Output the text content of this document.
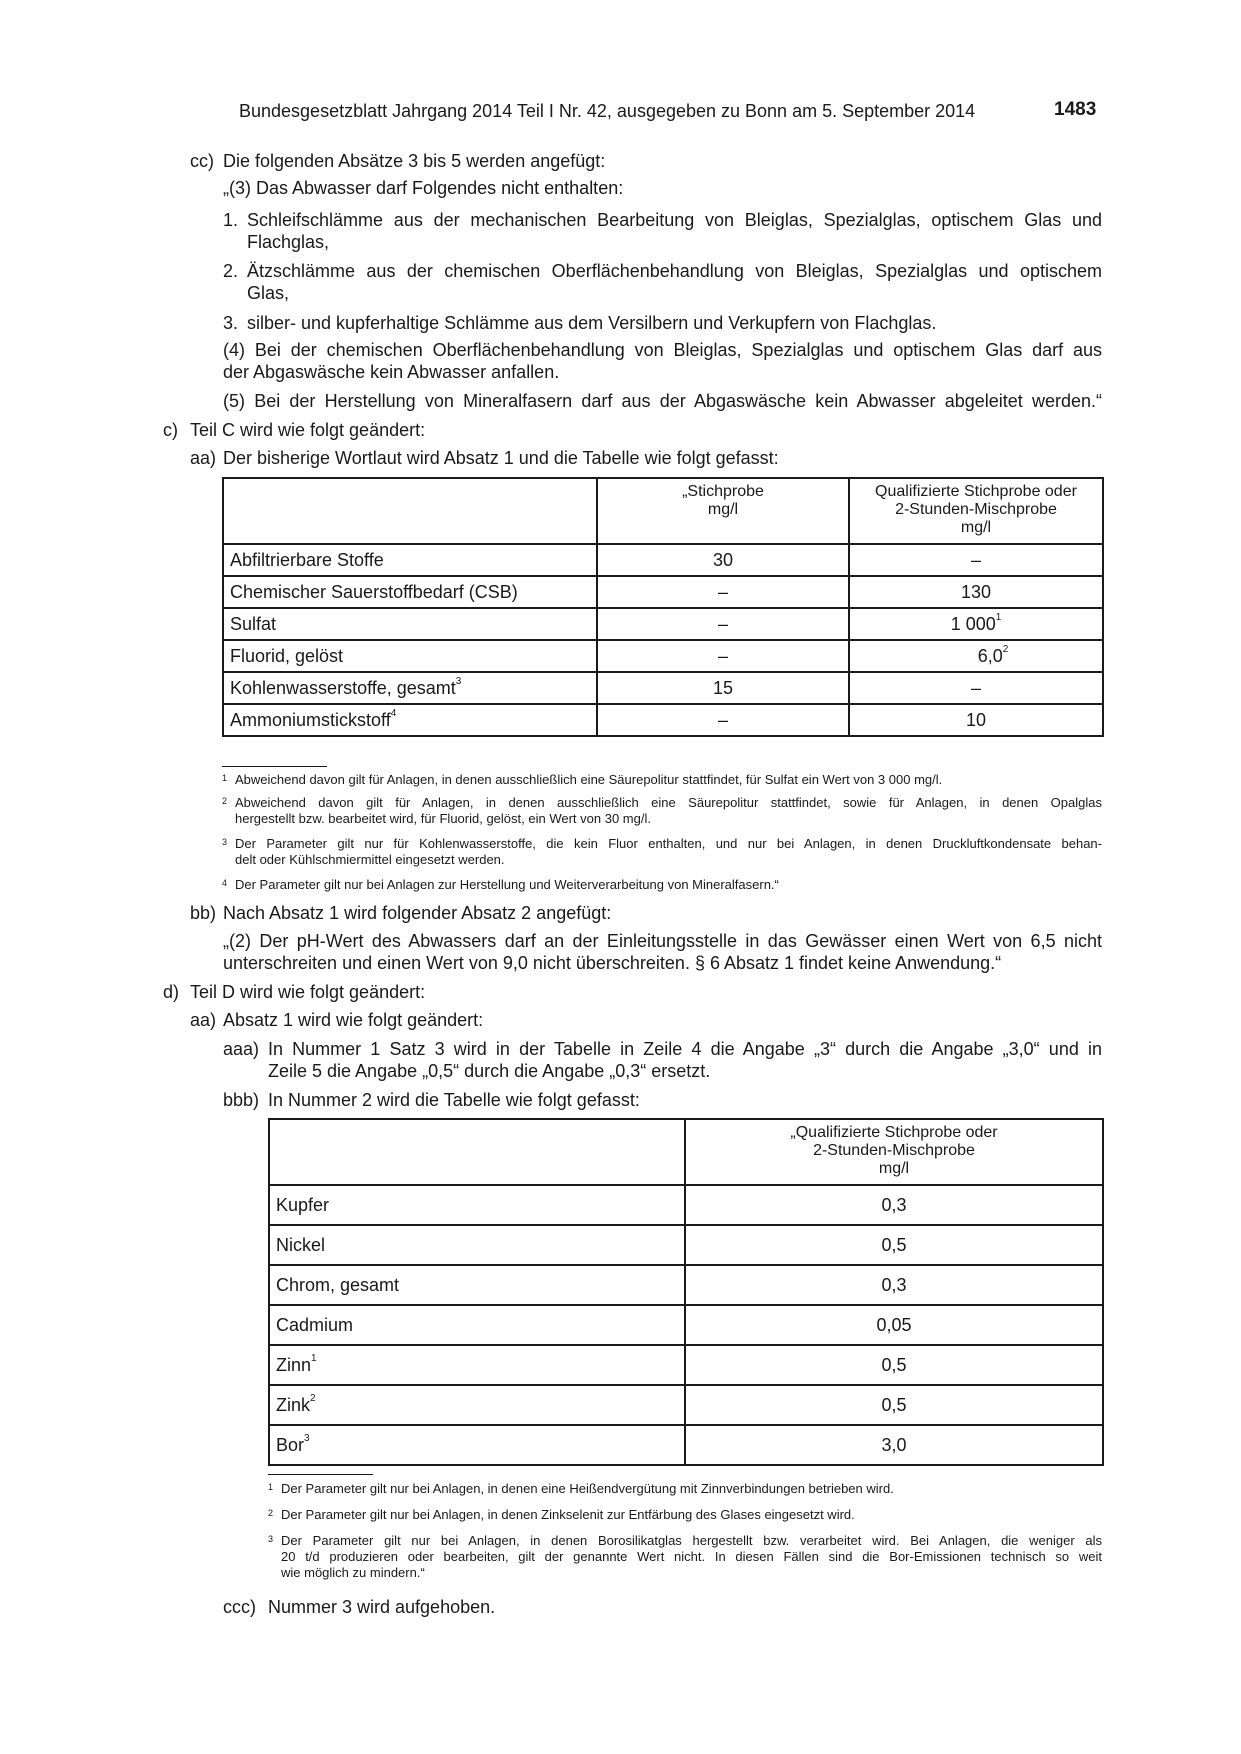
Bundesgesetzblatt Jahrgang 2014 Teil I Nr. 42, ausgegeben zu Bonn am 5. September 2014	1483
cc) Die folgenden Absätze 3 bis 5 werden angefügt:
„(3) Das Abwasser darf Folgendes nicht enthalten:
1. Schleifschlämme aus der mechanischen Bearbeitung von Bleiglas, Spezialglas, optischem Glas und
Flachglas,
2. Ätzschlämme aus der chemischen Oberflächenbehandlung von Bleiglas, Spezialglas und optischem
Glas,
3. silber- und kupferhaltige Schlämme aus dem Versilbern und Verkupfern von Flachglas.
(4) Bei der chemischen Oberflächenbehandlung von Bleiglas, Spezialglas und optischem Glas darf aus
der Abgaswäsche kein Abwasser anfallen.
(5) Bei der Herstellung von Mineralfasern darf aus der Abgaswäsche kein Abwasser abgeleitet werden.“
c) Teil C wird wie folgt geändert:
aa) Der bisherige Wortlaut wird Absatz 1 und die Tabelle wie folgt gefasst:
	„Stichprobe
mg/l	Qualifizierte Stichprobe oder
2-Stunden-Mischprobe
mg/l
Abfiltrierbare Stoffe	30	–
Chemischer Sauerstoffbedarf (CSB)	–	130
Sulfat	–	1 $000^1$
Fluorid, gelöst	–	$6,0^2$
Kohlenwasserstoffe, gesamt$^3$	15	–
Ammoniumstickstoff$^4$	–	10
1 Abweichend davon gilt für Anlagen, in denen ausschließlich eine Säurepolitur stattfindet, für Sulfat ein Wert von 3 000 mg/l.
2 Abweichend davon gilt für Anlagen, in denen ausschließlich eine Säurepolitur stattfindet, sowie für Anlagen, in denen Opalglas
hergestellt bzw. bearbeitet wird, für Fluorid, gelöst, ein Wert von 30 mg/l.
3 Der Parameter gilt nur für Kohlenwasserstoffe, die kein Fluor enthalten, und nur bei Anlagen, in denen Druckluftkondensate behan-
delt oder Kühlschmiermittel eingesetzt werden.
4 Der Parameter gilt nur bei Anlagen zur Herstellung und Weiterverarbeitung von Mineralfasern.“
bb) Nach Absatz 1 wird folgender Absatz 2 angefügt:
„(2) Der pH-Wert des Abwassers darf an der Einleitungsstelle in das Gewässer einen Wert von 6,5 nicht
unterschreiten und einen Wert von 9,0 nicht überschreiten. § 6 Absatz 1 findet keine Anwendung.“
d) Teil D wird wie folgt geändert:
aa) Absatz 1 wird wie folgt geändert:
aaa) In Nummer 1 Satz 3 wird in der Tabelle in Zeile 4 die Angabe „3“ durch die Angabe „3,0“ und in
Zeile 5 die Angabe „0,5“ durch die Angabe „0,3“ ersetzt.
bbb) In Nummer 2 wird die Tabelle wie folgt gefasst:
	„Qualifizierte Stichprobe oder
2-Stunden-Mischprobe
mg/l
Kupfer	0,3
Nickel	0,5
Chrom, gesamt	0,3
Cadmium	0,05
Zinn$^1$	0,5
Zink$^2$	0,5
Bor$^3$	3,0
1 Der Parameter gilt nur bei Anlagen, in denen eine Heißendvergütung mit Zinnverbindungen betrieben wird.
2 Der Parameter gilt nur bei Anlagen, in denen Zinkselenit zur Entfärbung des Glases eingesetzt wird.
3 Der Parameter gilt nur bei Anlagen, in denen Borosilikatglas hergestellt bzw. verarbeitet wird. Bei Anlagen, die weniger als
20 t/d produzieren oder bearbeiten, gilt der genannte Wert nicht. In diesen Fällen sind die Bor-Emissionen technisch so weit
wie möglich zu mindern.“
ccc) Nummer 3 wird aufgehoben.
